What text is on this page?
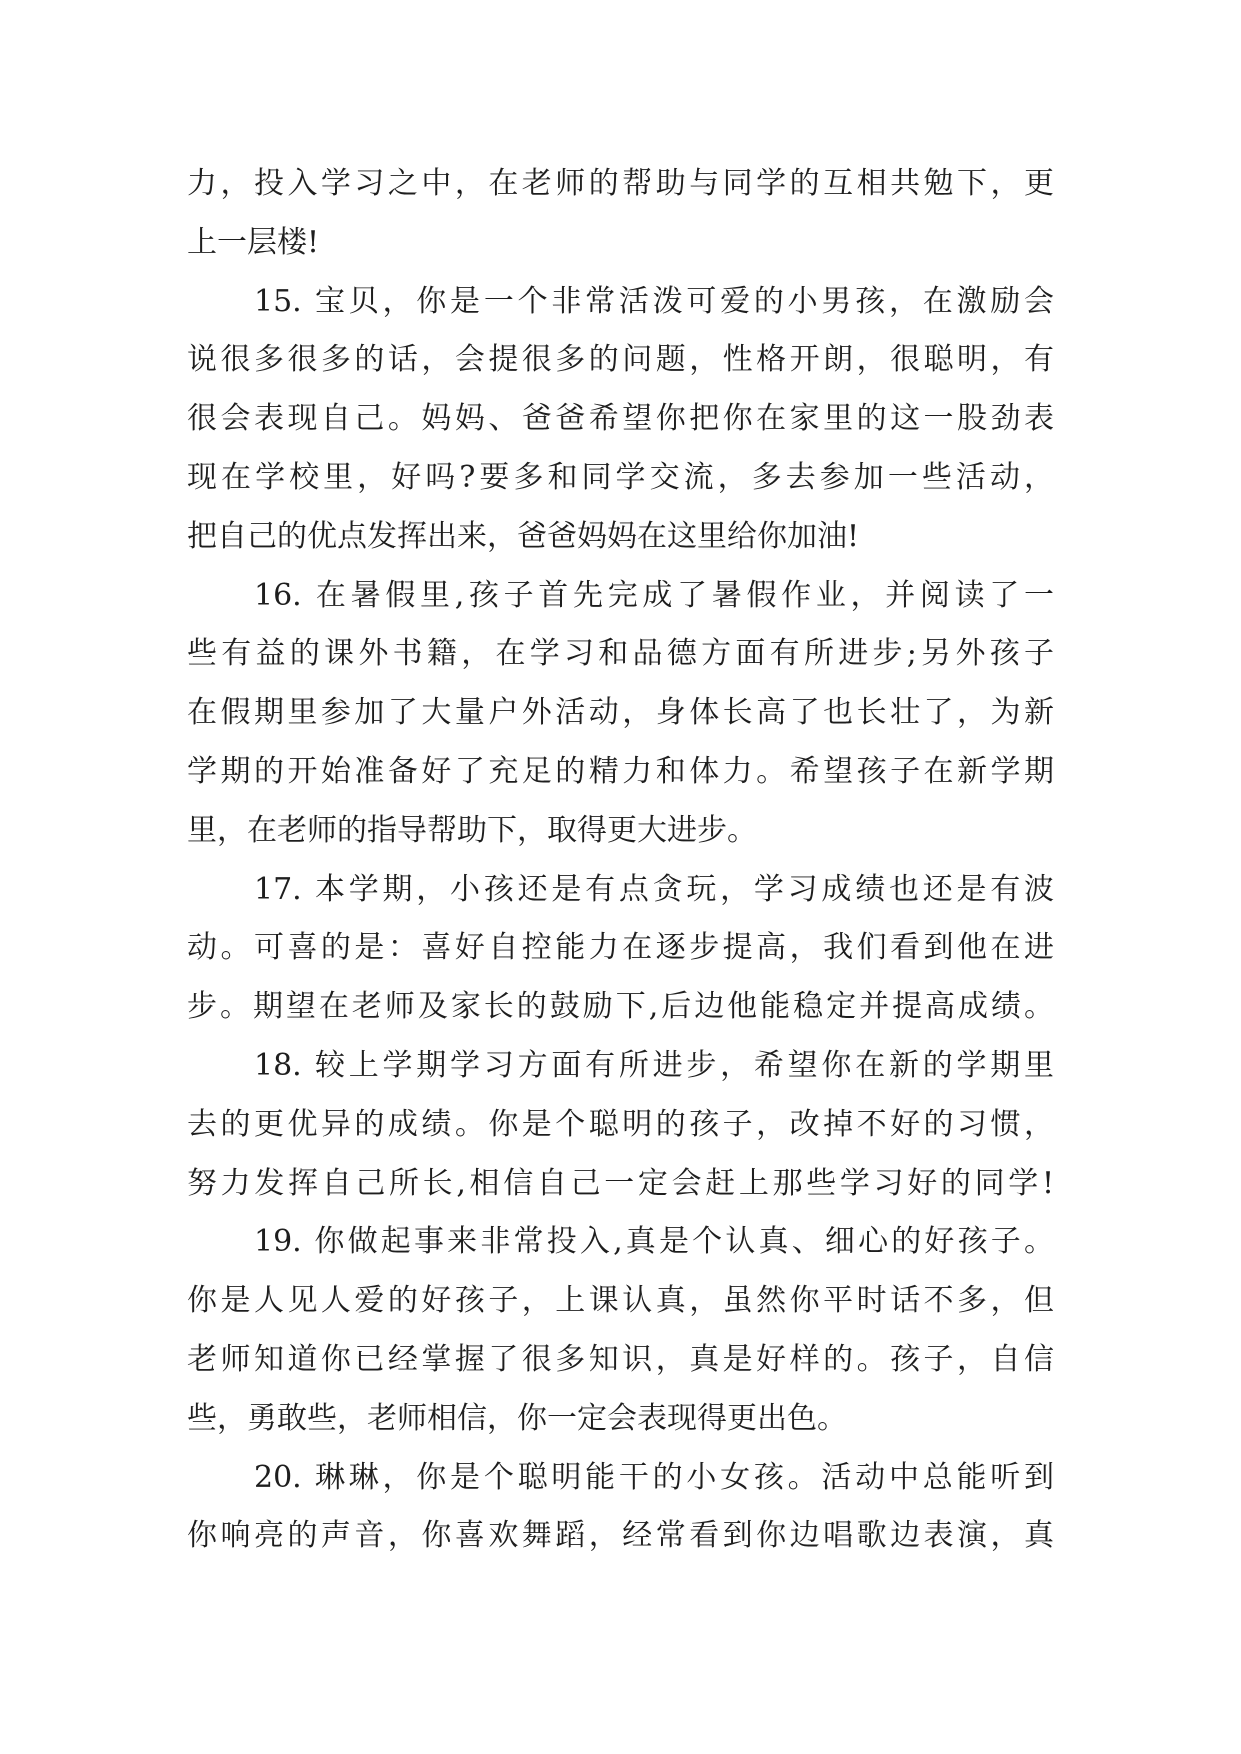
力，投入学习之中，在老师的帮助与同学的互相共勉下，更
上一层楼!
15. 宝贝，你是一个非常活泼可爱的小男孩，在激励会
说很多很多的话，会提很多的问题，性格开朗，很聪明，有
很会表现自己。妈妈、爸爸希望你把你在家里的这一股劲表
现在学校里，好吗?要多和同学交流，多去参加一些活动，
把自己的优点发挥出来，爸爸妈妈在这里给你加油!
16. 在暑假里,孩子首先完成了暑假作业，并阅读了一
些有益的课外书籍，在学习和品德方面有所进步;另外孩子
在假期里参加了大量户外活动，身体长高了也长壮了，为新
学期的开始准备好了充足的精力和体力。希望孩子在新学期
里，在老师的指导帮助下，取得更大进步。
17. 本学期，小孩还是有点贪玩，学习成绩也还是有波
动。可喜的是：喜好自控能力在逐步提高，我们看到他在进
步。期望在老师及家长的鼓励下,后边他能稳定并提高成绩。
18. 较上学期学习方面有所进步，希望你在新的学期里
去的更优异的成绩。你是个聪明的孩子，改掉不好的习惯，
努力发挥自己所长,相信自己一定会赶上那些学习好的同学!
19. 你做起事来非常投入,真是个认真、细心的好孩子。
你是人见人爱的好孩子，上课认真，虽然你平时话不多，但
老师知道你已经掌握了很多知识，真是好样的。孩子，自信
些，勇敢些，老师相信，你一定会表现得更出色。
20. 琳琳，你是个聪明能干的小女孩。活动中总能听到
你响亮的声音，你喜欢舞蹈，经常看到你边唱歌边表演，真
